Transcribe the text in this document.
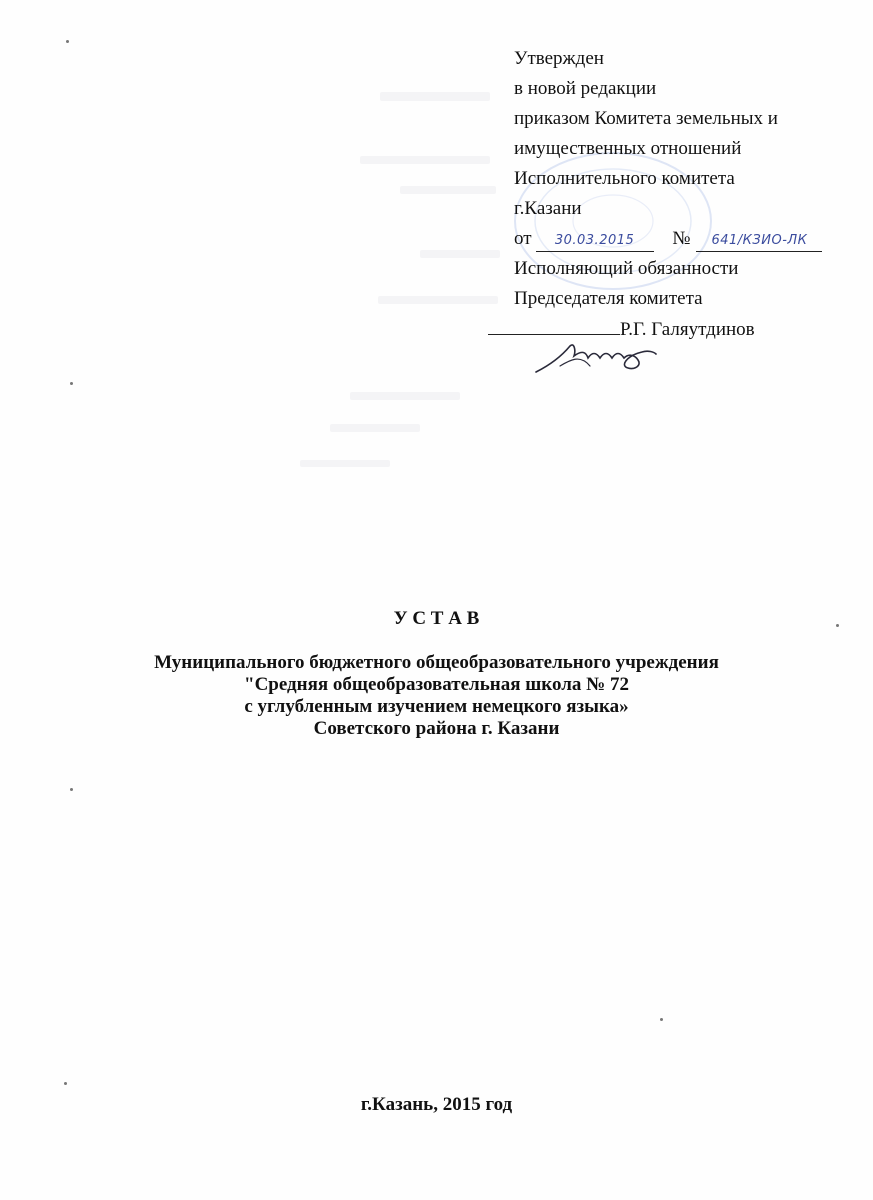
Утвержден
в новой редакции
приказом Комитета земельных и
имущественных отношений
Исполнительного комитета
г.Казани
от 30.03.2015 № 641/КЗИО-ЛК
Исполняющий обязанности
Председателя комитета
Р.Г. Галяутдинов
У С Т А В
Муниципального бюджетного общеобразовательного учреждения
"Средняя общеобразовательная школа № 72
с углубленным изучением немецкого языка»
Советского района г. Казани
г.Казань, 2015 год
